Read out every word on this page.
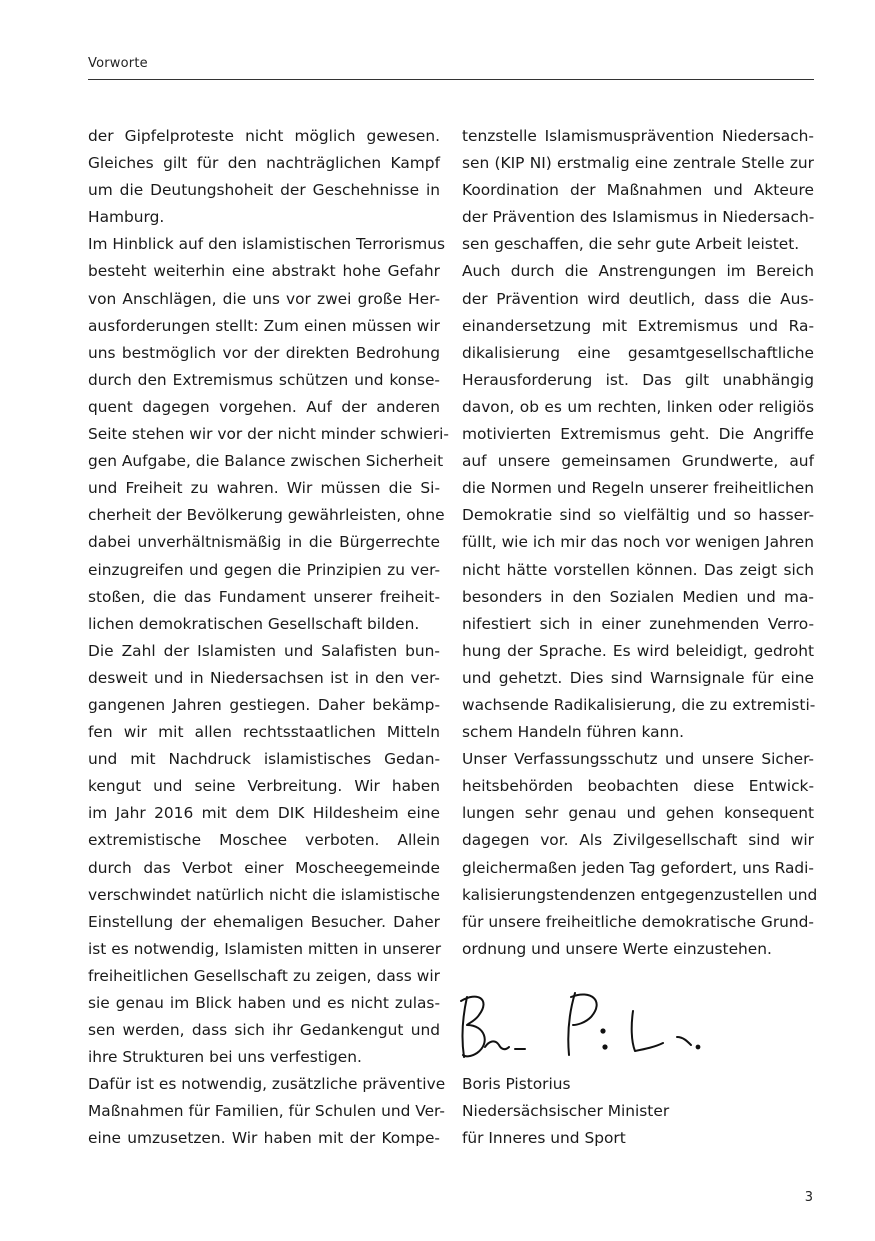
Vorworte
der Gipfelproteste nicht möglich gewesen.
Gleiches gilt für den nachträglichen Kampf
um die Deutungshoheit der Geschehnisse in
Hamburg.
Im Hinblick auf den islamistischen Terrorismus
besteht weiterhin eine abstrakt hohe Gefahr
von Anschlägen, die uns vor zwei große Her-
ausforderungen stellt: Zum einen müssen wir
uns bestmöglich vor der direkten Bedrohung
durch den Extremismus schützen und konse-
quent dagegen vorgehen. Auf der anderen
Seite stehen wir vor der nicht minder schwieri-
gen Aufgabe, die Balance zwischen Sicherheit
und Freiheit zu wahren. Wir müssen die Si-
cherheit der Bevölkerung gewährleisten, ohne
dabei unverhältnismäßig in die Bürgerrechte
einzugreifen und gegen die Prinzipien zu ver-
stoßen, die das Fundament unserer freiheit-
lichen demokratischen Gesellschaft bilden.
Die Zahl der Islamisten und Salafisten bun-
desweit und in Niedersachsen ist in den ver-
gangenen Jahren gestiegen. Daher bekämp-
fen wir mit allen rechtsstaatlichen Mitteln
und mit Nachdruck islamistisches Gedan-
kengut und seine Verbreitung. Wir haben
im Jahr 2016 mit dem DIK Hildesheim eine
extremistische Moschee verboten. Allein
durch das Verbot einer Moscheegemeinde
verschwindet natürlich nicht die islamistische
Einstellung der ehemaligen Besucher. Daher
ist es notwendig, Islamisten mitten in unserer
freiheitlichen Gesellschaft zu zeigen, dass wir
sie genau im Blick haben und es nicht zulas-
sen werden, dass sich ihr Gedankengut und
ihre Strukturen bei uns verfestigen.
Dafür ist es notwendig, zusätzliche präventive
Maßnahmen für Familien, für Schulen und Ver-
eine umzusetzen. Wir haben mit der Kompe-
tenzstelle Islamismusprävention Niedersach-
sen (KIP NI) erstmalig eine zentrale Stelle zur
Koordination der Maßnahmen und Akteure
der Prävention des Islamismus in Niedersach-
sen geschaffen, die sehr gute Arbeit leistet.
Auch durch die Anstrengungen im Bereich
der Prävention wird deutlich, dass die Aus-
einandersetzung mit Extremismus und Ra-
dikalisierung eine gesamtgesellschaftliche
Herausforderung ist. Das gilt unabhängig
davon, ob es um rechten, linken oder religiös
motivierten Extremismus geht. Die Angriffe
auf unsere gemeinsamen Grundwerte, auf
die Normen und Regeln unserer freiheitlichen
Demokratie sind so vielfältig und so hasser-
füllt, wie ich mir das noch vor wenigen Jahren
nicht hätte vorstellen können. Das zeigt sich
besonders in den Sozialen Medien und ma-
nifestiert sich in einer zunehmenden Verro-
hung der Sprache. Es wird beleidigt, gedroht
und gehetzt. Dies sind Warnsignale für eine
wachsende Radikalisierung, die zu extremisti-
schem Handeln führen kann.
Unser Verfassungsschutz und unsere Sicher-
heitsbehörden beobachten diese Entwick-
lungen sehr genau und gehen konsequent
dagegen vor. Als Zivilgesellschaft sind wir
gleichermaßen jeden Tag gefordert, uns Radi-
kalisierungstendenzen entgegenzustellen und
für unsere freiheitliche demokratische Grund-
ordnung und unsere Werte einzustehen.
Boris Pistorius
Niedersächsischer Minister
für Inneres und Sport
3
